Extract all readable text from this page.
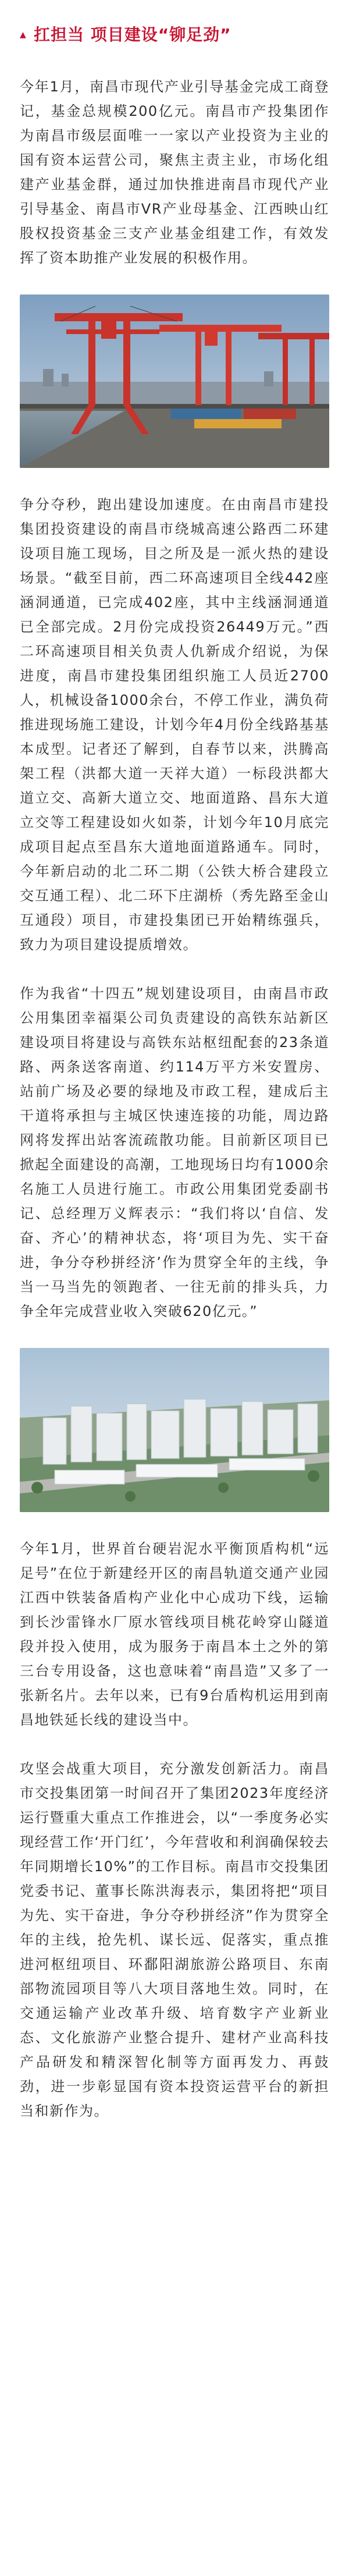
▲ 扛担当 项目建设“铆足劲”

今年1月，南昌市现代产业引导基金完成工商登记，基金总规模200亿元。南昌市产投集团作为南昌市级层面唯一一家以产业投资为主业的国有资本运营公司，聚焦主责主业，市场化组建产业基金群，通过加快推进南昌市现代产业引导基金、南昌市VR产业母基金、江西映山红股权投资基金三支产业基金组建工作，有效发挥了资本助推产业发展的积极作用。

争分夺秒，跑出建设加速度。在由南昌市建投集团投资建设的南昌市绕城高速公路西二环建设项目施工现场，目之所及是一派火热的建设场景。“截至目前，西二环高速项目全线442座涵洞通道，已完成402座，其中主线涵洞通道已全部完成。2月份完成投资26449万元。”西二环高速项目相关负责人仇新成介绍说，为保进度，南昌市建投集团组织施工人员近2700人，机械设备1000余台，不停工作业，满负荷推进现场施工建设，计划今年4月份全线路基基本成型。记者还了解到，自春节以来，洪腾高架工程（洪都大道一天祥大道）一标段洪都大道立交、高新大道立交、地面道路、昌东大道立交等工程建设如火如荼，计划今年10月底完成项目起点至昌东大道地面道路通车。同时，今年新启动的北二环二期（公铁大桥合建段立交互通工程）、北二环下庄湖桥（秀先路至金山互通段）项目，市建投集团已开始精练强兵，致力为项目建设提质增效。

作为我省“十四五”规划建设项目，由南昌市政公用集团幸福渠公司负责建设的高铁东站新区建设项目将建设与高铁东站枢纽配套的23条道路、两条送客南道、约114万平方米安置房、站前广场及必要的绿地及市政工程，建成后主干道将承担与主城区快速连接的功能，周边路网将发挥出站客流疏散功能。目前新区项目已掀起全面建设的高潮，工地现场日均有1000余名施工人员进行施工。市政公用集团党委副书记、总经理万义辉表示：“我们将以‘自信、发奋、齐心’的精神状态，将‘项目为先、实干奋进，争分夺秒拼经济’作为贯穿全年的主线，争当一马当先的领跑者、一往无前的排头兵，力争全年完成营业收入突破620亿元。”

今年1月，世界首台硬岩泥水平衡顶盾构机“远足号”在位于新建经开区的南昌轨道交通产业园江西中铁装备盾构产业化中心成功下线，运输到长沙雷锋水厂原水管线项目桃花岭穿山隧道段并投入使用，成为服务于南昌本土之外的第三台专用设备，这也意味着“南昌造”又多了一张新名片。去年以来，已有9台盾构机运用到南昌地铁延长线的建设当中。

攻坚会战重大项目，充分激发创新活力。南昌市交投集团第一时间召开了集团2023年度经济运行暨重大重点工作推进会，以“一季度务必实现经营工作‘开门红’，今年营收和利润确保较去年同期增长10%”的工作目标。南昌市交投集团党委书记、董事长陈洪海表示，集团将把“项目为先、实干奋进，争分夺秒拼经济”作为贯穿全年的主线，抢先机、谋长远、促落实，重点推进河枢纽项目、环鄱阳湖旅游公路项目、东南部物流园项目等八大项目落地生效。同时，在交通运输产业改革升级、培育数字产业新业态、文化旅游产业整合提升、建材产业高科技产品研发和精深智化制等方面再发力、再鼓劲，进一步彰显国有资本投资运营平台的新担当和新作为。
